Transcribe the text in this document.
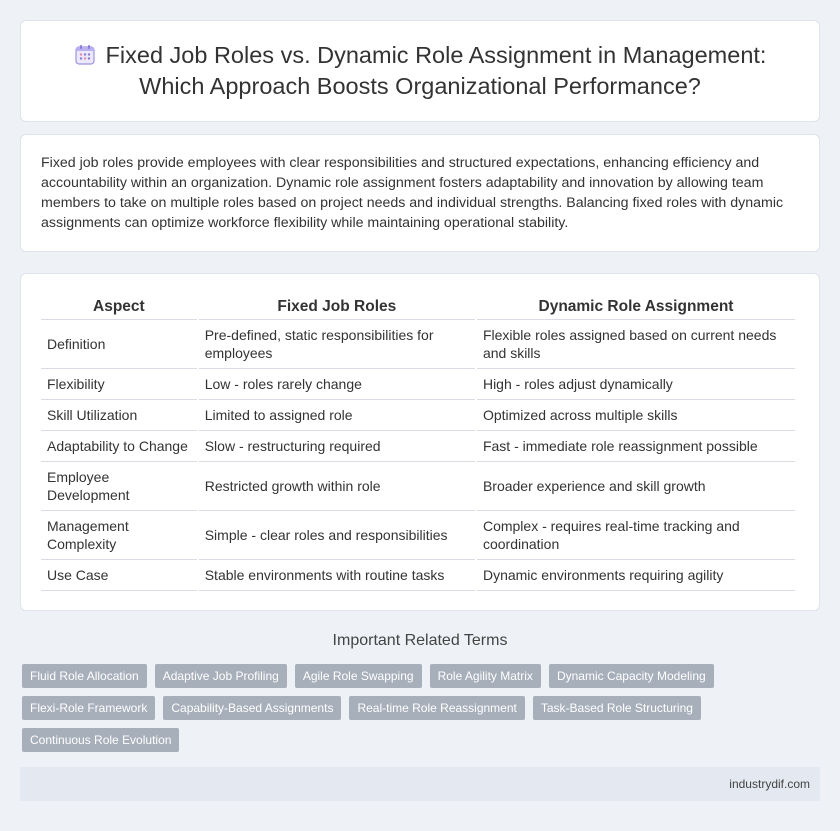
Fixed Job Roles vs. Dynamic Role Assignment in Management:
Which Approach Boosts Organizational Performance?

Fixed job roles provide employees with clear responsibilities and structured expectations, enhancing efficiency and accountability within an organization. Dynamic role assignment fosters adaptability and innovation by allowing team members to take on multiple roles based on project needs and individual strengths. Balancing fixed roles with dynamic assignments can optimize workforce flexibility while maintaining operational stability.

Aspect	Fixed Job Roles	Dynamic Role Assignment
Definition	Pre-defined, static responsibilities for employees	Flexible roles assigned based on current needs and skills
Flexibility	Low - roles rarely change	High - roles adjust dynamically
Skill Utilization	Limited to assigned role	Optimized across multiple skills
Adaptability to Change	Slow - restructuring required	Fast - immediate role reassignment possible
Employee Development	Restricted growth within role	Broader experience and skill growth
Management Complexity	Simple - clear roles and responsibilities	Complex - requires real-time tracking and coordination
Use Case	Stable environments with routine tasks	Dynamic environments requiring agility
Important Related Terms
Fluid Role Allocation	Adaptive Job Profiling	Agile Role Swapping	Role Agility Matrix	Dynamic Capacity Modeling
Flexi-Role Framework	Capability-Based Assignments	Real-time Role Reassignment	Task-Based Role Structuring
Continuous Role Evolution
industrydif.com
